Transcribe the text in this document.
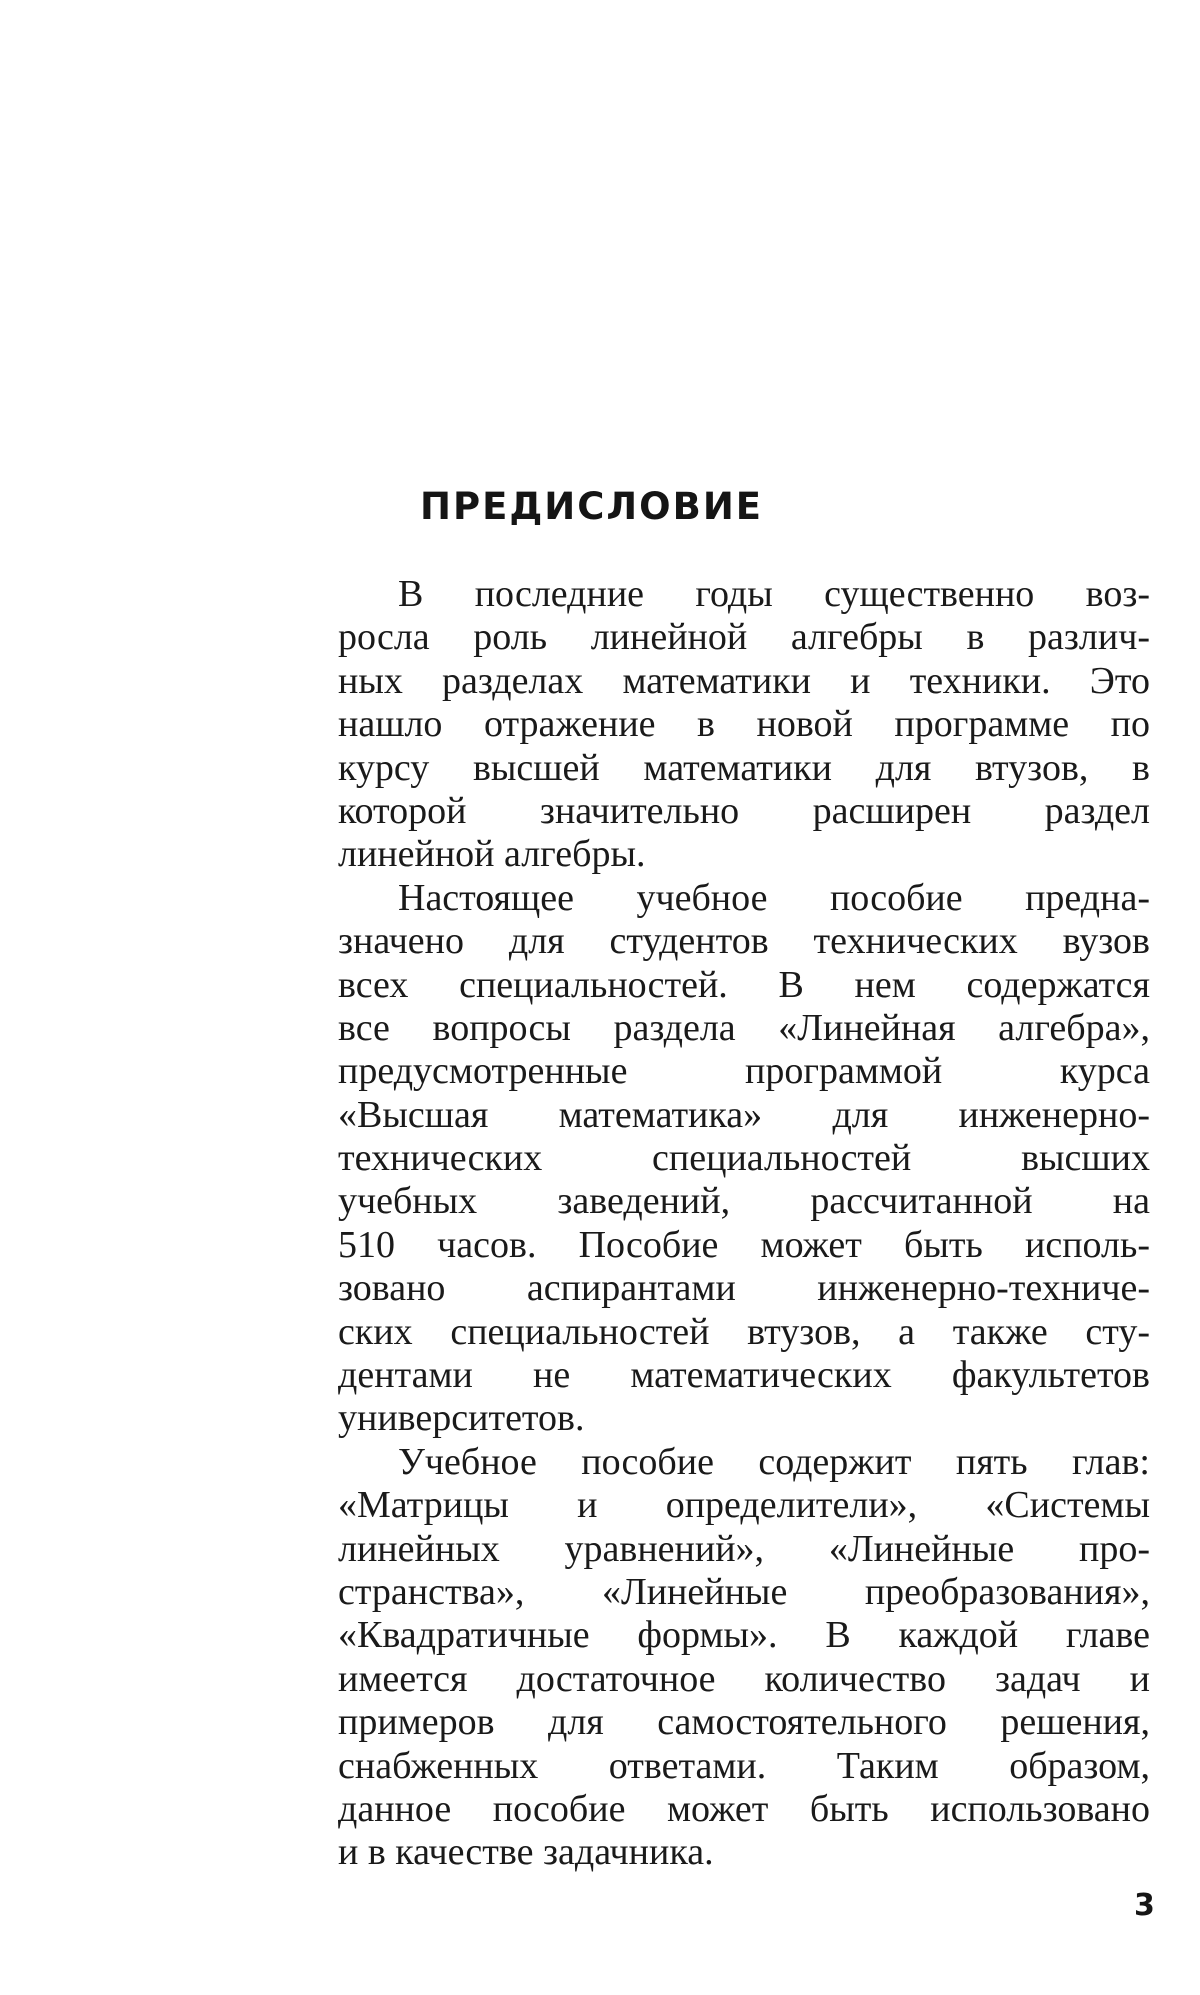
ПРЕДИСЛОВИЕ
В последние годы существенно воз-
росла роль линейной алгебры в различ-
ных разделах математики и техники. Это
нашло отражение в новой программе по
курсу высшей математики для втузов, в
которой значительно расширен раздел
линейной алгебры.
Настоящее учебное пособие предна-
значено для студентов технических вузов
всех специальностей. В нем содержатся
все вопросы раздела «Линейная алгебра»,
предусмотренные программой курса
«Высшая математика» для инженерно-
технических специальностей высших
учебных заведений, рассчитанной на
510 часов. Пособие может быть исполь-
зовано аспирантами инженерно-техниче-
ских специальностей втузов, а также сту-
дентами не математических факультетов
университетов.
Учебное пособие содержит пять глав:
«Матрицы и определители», «Системы
линейных уравнений», «Линейные про-
странства», «Линейные преобразования»,
«Квадратичные формы». В каждой главе
имеется достаточное количество задач и
примеров для самостоятельного решения,
снабженных ответами. Таким образом,
данное пособие может быть использовано
и в качестве задачника.
3
